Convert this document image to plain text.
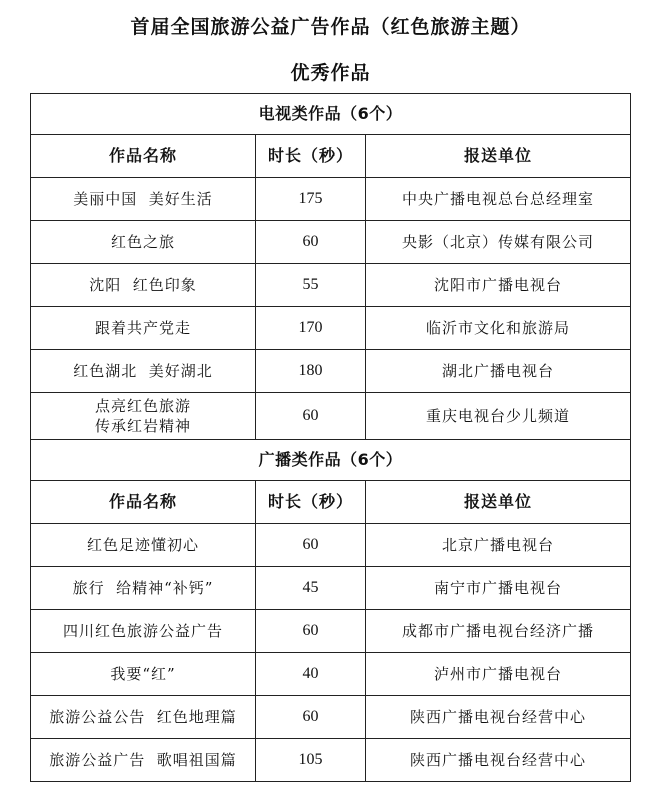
首届全国旅游公益广告作品（红色旅游主题）
优秀作品
电视类作品（6个）		
作品名称	时长（秒）	报送单位
美丽中国  美好生活	175	中央广播电视总台总经理室
红色之旅	60	央影（北京）传媒有限公司
沈阳  红色印象	55	沈阳市广播电视台
跟着共产党走	170	临沂市文化和旅游局
红色湖北  美好湖北	180	湖北广播电视台

点亮红色旅游
传承红岩精神	60	重庆电视台少儿频道
广播类作品（6个）		
作品名称	时长（秒）	报送单位
红色足迹懂初心	60	北京广播电视台
旅行  给精神“补钙”	45	南宁市广播电视台
四川红色旅游公益广告	60	成都市广播电视台经济广播
我要“红”	40	泸州市广播电视台
旅游公益公告  红色地理篇	60	陕西广播电视台经营中心
旅游公益广告  歌唱祖国篇	105	陕西广播电视台经营中心
